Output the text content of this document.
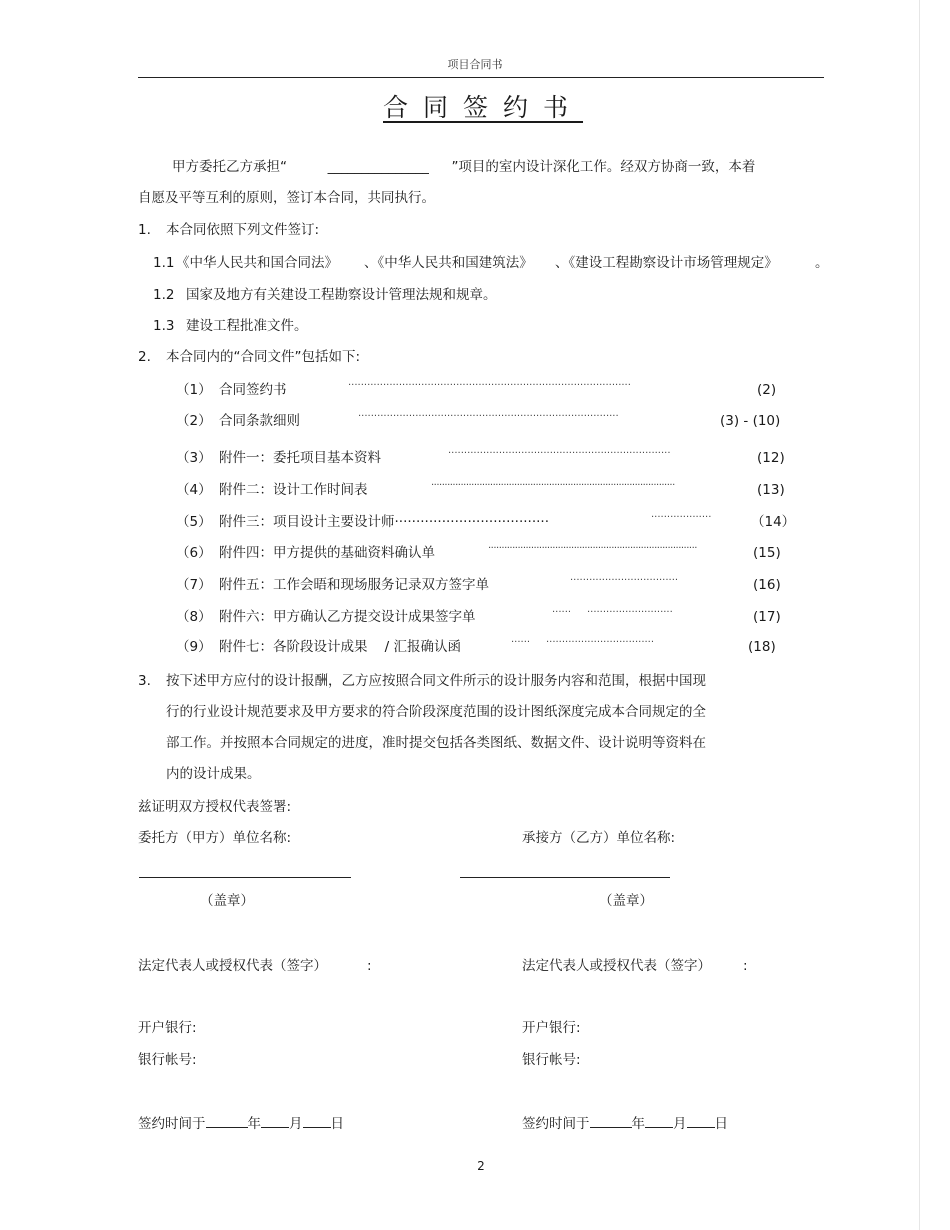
项目合同书
合同签约书
甲方委托乙方承担“	_______________ ”项目的室内设计深化工作。经双方协商一致，本着
自愿及平等互利的原则，签订本合同，共同执行。
1. 本合同依照下列文件签订:
1.1 《中华人民共和国合同法》 、《中华人民共和国建筑法》 、《建设工程勘察设计市场管理规定》	。
1.2 国家及地方有关建设工程勘察设计管理法规和规章。
1.3 建设工程批准文件。
2. 本合同内的“合同文件”包括如下:
（1） 合同签约书	·························································································	(2)
（2） 合同条款细则	··················································································	(3) - (10)
（3） 附件一：委托项目基本资料	······································································	(12)
（4） 附件二：设计工作时间表	···························································································	(13)
（5） 附件三：项目设计主要设计师····································	···················	（14）
（6） 附件四：甲方提供的基础资料确认单	··············································································	(15)
（7） 附件五：工作会晤和现场服务记录双方签字单	··································	(16)
（8） 附件六：甲方确认乙方提交设计成果签字单	······     ···························	(17)
（9） 附件七：各阶段设计成果    / 汇报确认函	······     ··································	(18)
3. 按下述甲方应付的设计报酬，乙方应按照合同文件所示的设计服务内容和范围，根据中国现
行的行业设计规范要求及甲方要求的符合阶段深度范围的设计图纸深度完成本合同规定的全
部工作。并按照本合同规定的进度，准时提交包括各类图纸、数据文件、设计说明等资料在
内的设计成果。
兹证明双方授权代表签署:
委托方（甲方）单位名称:
（盖章）
法定代表人或授权代表（签字）	:
开户银行:
银行帐号:
签约时间于	年 月 日
承接方（乙方）单位名称:
（盖章）
法定代表人或授权代表（签字） :
开户银行:
银行帐号:
签约时间于	年 月 日
2
